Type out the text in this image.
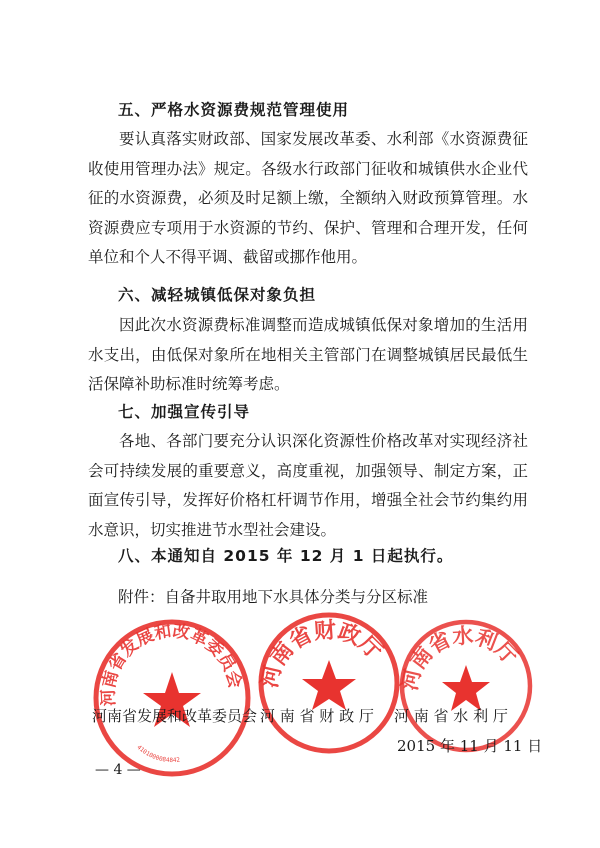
五、严格水资源费规范管理使用
要认真落实财政部、国家发展改革委、水利部《水资源费征收使用管理办法》规定。各级水行政部门征收和城镇供水企业代征的水资源费，必须及时足额上缴，全额纳入财政预算管理。水资源费应专项用于水资源的节约、保护、管理和合理开发，任何单位和个人不得平调、截留或挪作他用。
六、减轻城镇低保对象负担
因此次水资源费标准调整而造成城镇低保对象增加的生活用水支出，由低保对象所在地相关主管部门在调整城镇居民最低生活保障补助标准时统筹考虑。
七、加强宣传引导
各地、各部门要充分认识深化资源性价格改革对实现经济社会可持续发展的重要意义，高度重视，加强领导、制定方案，正面宣传引导，发挥好价格杠杆调节作用，增强全社会节约集约用水意识，切实推进节水型社会建设。
八、本通知自 2015 年 12 月 1 日起执行。
附件：自备井取用地下水具体分类与分区标准
河南省发展和改革委员会
4101000084842
河南省财政厅
河南省水利厅
河南省发展和改革委员会 河 南 省 财 政 厅 河 南 省 水 利 厅
2015 年 11 月 11 日
— 4 —
